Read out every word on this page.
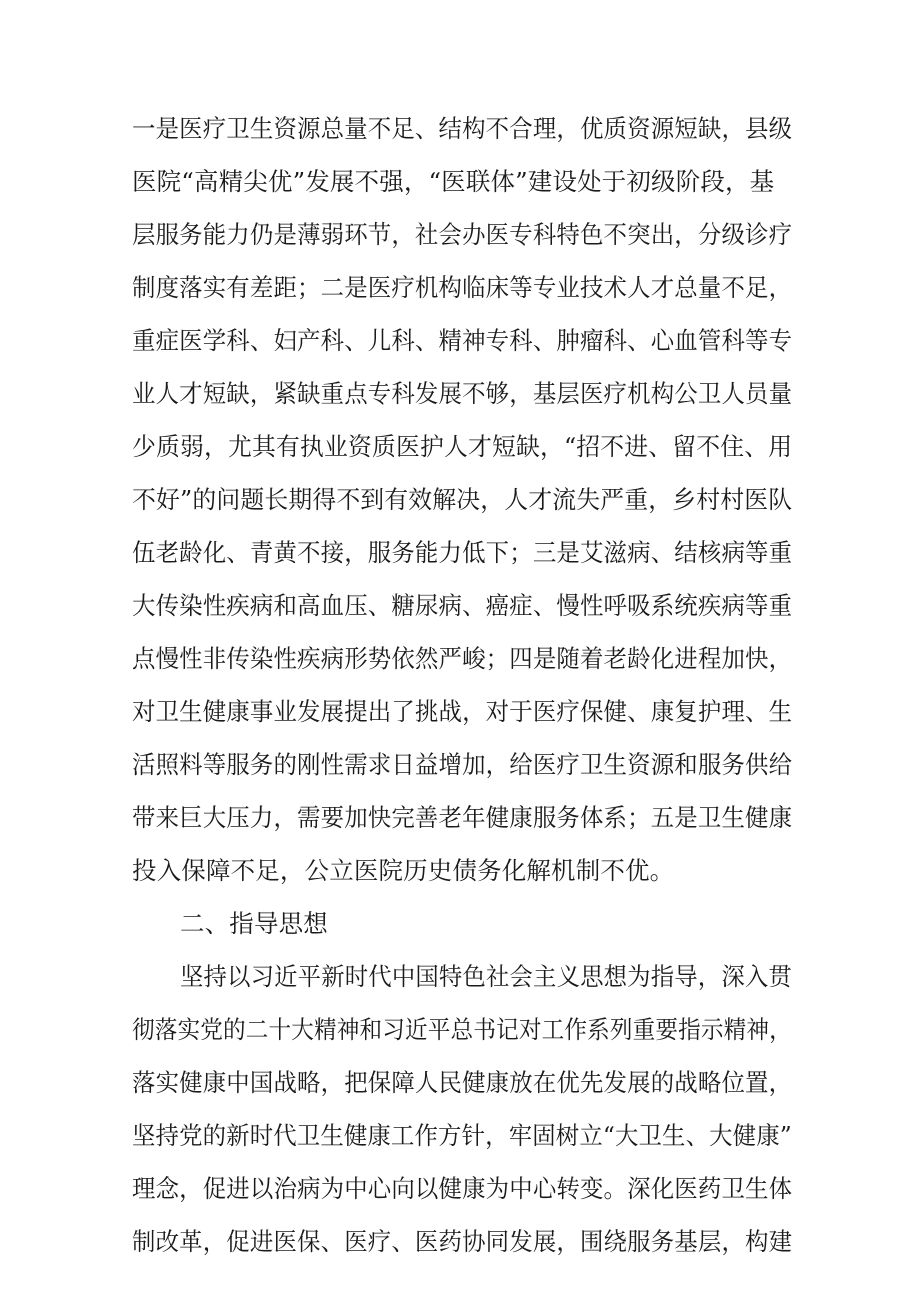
一是医疗卫生资源总量不足、结构不合理，优质资源短缺，县级
医院“高精尖优”发展不强，“医联体”建设处于初级阶段，基
层服务能力仍是薄弱环节，社会办医专科特色不突出，分级诊疗
制度落实有差距；二是医疗机构临床等专业技术人才总量不足，
重症医学科、妇产科、儿科、精神专科、肿瘤科、心血管科等专
业人才短缺，紧缺重点专科发展不够，基层医疗机构公卫人员量
少质弱，尤其有执业资质医护人才短缺，“招不进、留不住、用
不好”的问题长期得不到有效解决，人才流失严重，乡村村医队
伍老龄化、青黄不接，服务能力低下；三是艾滋病、结核病等重
大传染性疾病和高血压、糖尿病、癌症、慢性呼吸系统疾病等重
点慢性非传染性疾病形势依然严峻；四是随着老龄化进程加快，
对卫生健康事业发展提出了挑战，对于医疗保健、康复护理、生
活照料等服务的刚性需求日益增加，给医疗卫生资源和服务供给
带来巨大压力，需要加快完善老年健康服务体系；五是卫生健康
投入保障不足，公立医院历史债务化解机制不优。
二、指导思想
坚持以习近平新时代中国特色社会主义思想为指导，深入贯
彻落实党的二十大精神和习近平总书记对工作系列重要指示精神，
落实健康中国战略，把保障人民健康放在优先发展的战略位置，
坚持党的新时代卫生健康工作方针，牢固树立“大卫生、大健康”
理念，促进以治病为中心向以健康为中心转变。深化医药卫生体
制改革，促进医保、医疗、医药协同发展，围绕服务基层，构建
